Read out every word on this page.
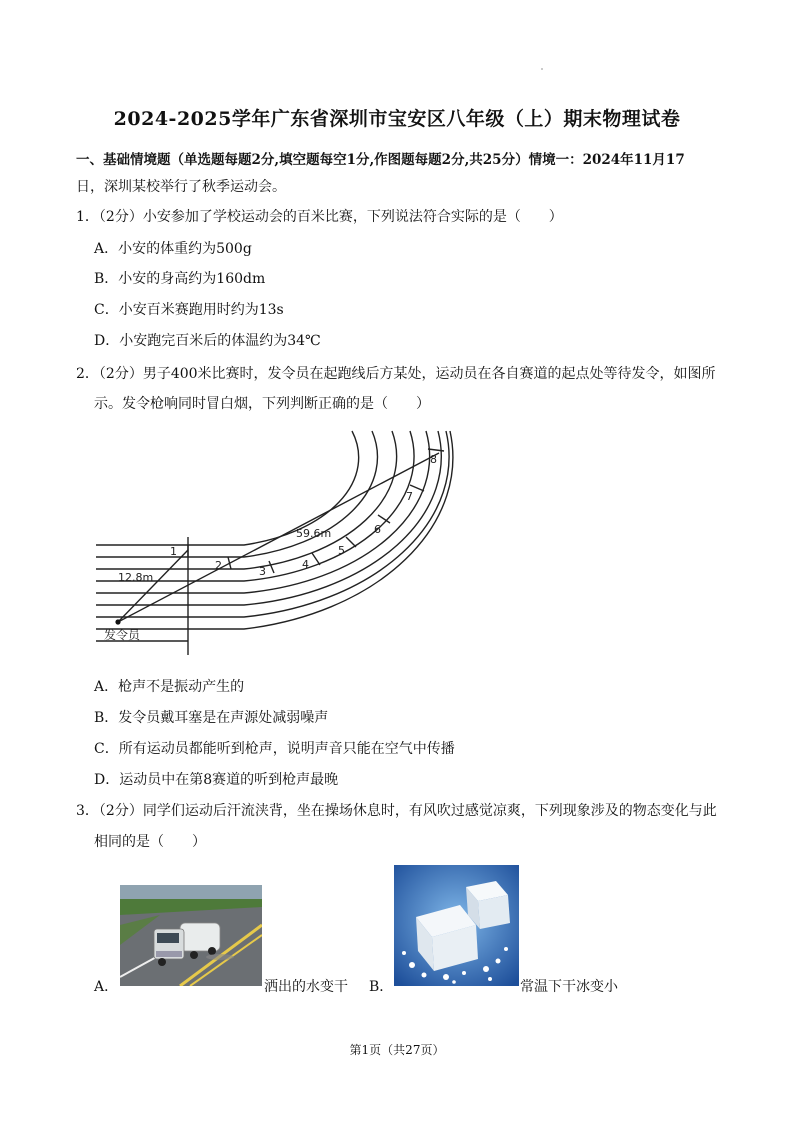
2024-2025学年广东省深圳市宝安区八年级（上）期末物理试卷
一、基础情境题（单选题每题2分,填空题每空1分,作图题每题2分,共25分）情境一：2024年11月17
日，深圳某校举行了秋季运动会。
1．（2分）小安参加了学校运动会的百米比赛，下列说法符合实际的是（　　）
A．小安的体重约为500g
B．小安的身高约为160dm
C．小安百米赛跑用时约为13s
D．小安跑完百米后的体温约为34℃
2．（2分）男子400米比赛时，发令员在起跑线后方某处，运动员在各自赛道的起点处等待发令，如图所
示。发令枪响同时冒白烟，下列判断正确的是（　　）
1
2	3
4
5
6
7
8
12.8m
59.6m
发令员
A．枪声不是振动产生的
B．发令员戴耳塞是在声源处减弱噪声
C．所有运动员都能听到枪声，说明声音只能在空气中传播
D．运动员中在第8赛道的听到枪声最晚
3．（2分）同学们运动后汗流浃背，坐在操场休息时，有风吹过感觉凉爽，下列现象涉及的物态变化与此
相同的是（　　）
A．	洒出的水变干 B．	常温下干冰变小
第1页（共27页）
